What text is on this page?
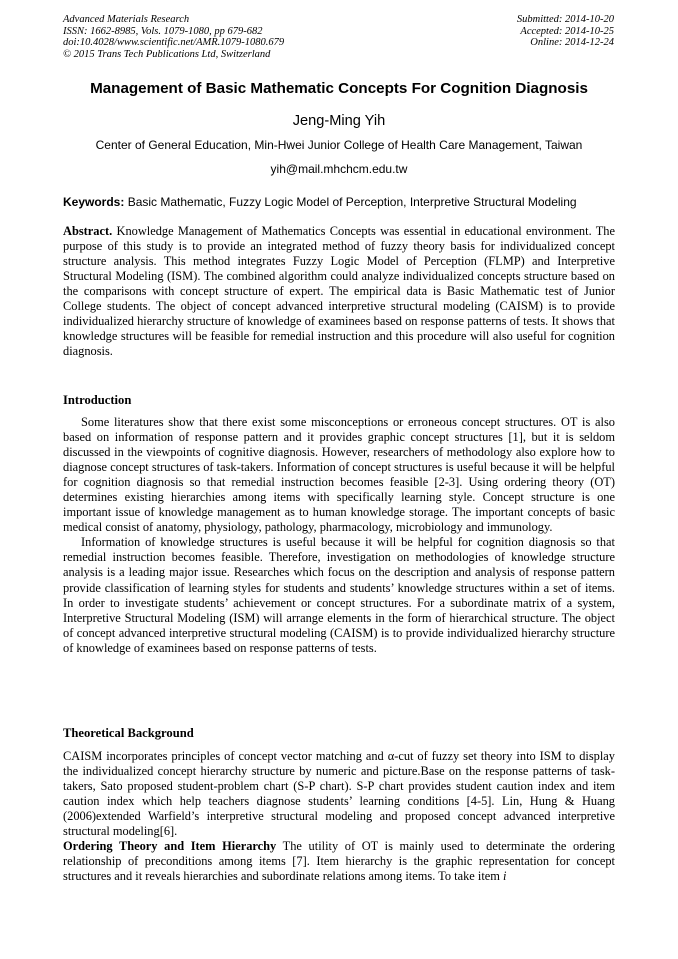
Advanced Materials Research
ISSN: 1662-8985, Vols. 1079-1080, pp 679-682
doi:10.4028/www.scientific.net/AMR.1079-1080.679
© 2015 Trans Tech Publications Ltd, Switzerland
Submitted: 2014-10-20
Accepted: 2014-10-25
Online: 2014-12-24
Management of Basic Mathematic Concepts For Cognition Diagnosis
Jeng-Ming Yih
Center of General Education, Min-Hwei Junior College of Health Care Management, Taiwan
yih@mail.mhchcm.edu.tw
Keywords: Basic Mathematic, Fuzzy Logic Model of Perception, Interpretive Structural Modeling

Abstract. Knowledge Management of Mathematics Concepts was essential in educational environment. The purpose of this study is to provide an integrated method of fuzzy theory basis for individualized concept structure analysis. This method integrates Fuzzy Logic Model of Perception (FLMP) and Interpretive Structural Modeling (ISM). The combined algorithm could analyze individualized concepts structure based on the comparisons with concept structure of expert. The empirical data is Basic Mathematic test of Junior College students. The object of concept advanced interpretive structural modeling (CAISM) is to provide individualized hierarchy structure of knowledge of examinees based on response patterns of tests. It shows that knowledge structures will be feasible for remedial instruction and this procedure will also useful for cognition diagnosis.

Introduction

Some literatures show that there exist some misconceptions or erroneous concept structures. OT is also based on information of response pattern and it provides graphic concept structures [1], but it is seldom discussed in the viewpoints of cognitive diagnosis. However, researchers of methodology also explore how to diagnose concept structures of task-takers. Information of concept structures is useful because it will be helpful for cognition diagnosis so that remedial instruction becomes feasible [2-3]. Using ordering theory (OT) determines existing hierarchies among items with specifically learning style. Concept structure is one important issue of knowledge management as to human knowledge storage. The important concepts of basic medical consist of anatomy, physiology, pathology, pharmacology, microbiology and immunology.

Information of knowledge structures is useful because it will be helpful for cognition diagnosis so that remedial instruction becomes feasible. Therefore, investigation on methodologies of knowledge structure analysis is a leading major issue. Researches which focus on the description and analysis of response pattern provide classification of learning styles for students and students’ knowledge structures within a set of items. In order to investigate students’ achievement or concept structures. For a subordinate matrix of a system, Interpretive Structural Modeling (ISM) will arrange elements in the form of hierarchical structure. The object of concept advanced interpretive structural modeling (CAISM) is to provide individualized hierarchy structure of knowledge of examinees based on response patterns of tests.

Theoretical Background

CAISM incorporates principles of concept vector matching and α-cut of fuzzy set theory into ISM to display the individualized concept hierarchy structure by numeric and picture.Base on the response patterns of task-takers, Sato proposed student-problem chart (S-P chart). S-P chart provides student caution index and item caution index which help teachers diagnose students’ learning conditions [4-5]. Lin, Hung & Huang (2006)extended Warfield’s interpretive structural modeling and proposed concept advanced interpretive structural modeling[6].

Ordering Theory and Item Hierarchy The utility of OT is mainly used to determinate the ordering relationship of preconditions among items [7]. Item hierarchy is the graphic representation for concept structures and it reveals hierarchies and subordinate relations among items. To take item i
